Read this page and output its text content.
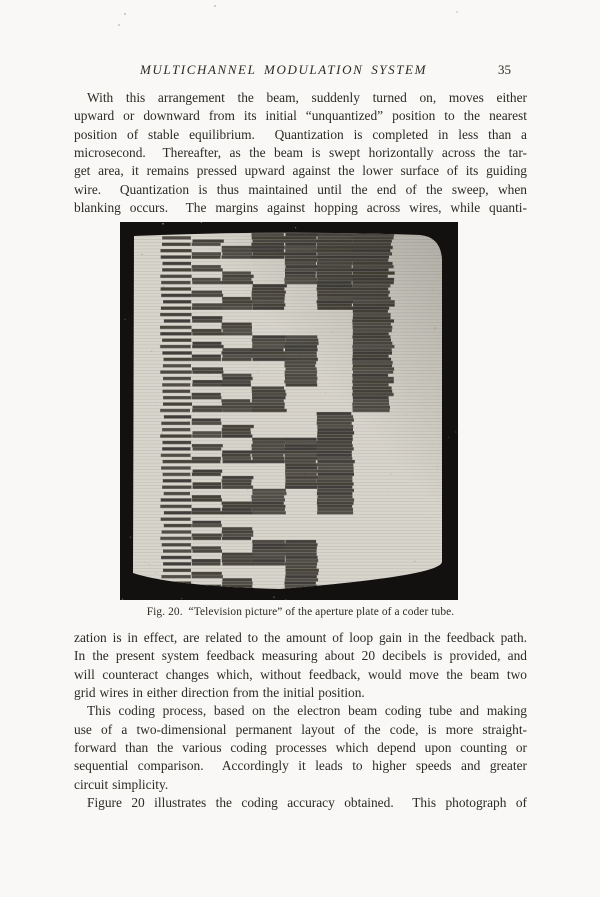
35
MULTICHANNEL MODULATION SYSTEM
With this arrangement the beam, suddenly turned on, moves either
upward or downward from its initial “unquantized” position to the nearest
position of stable equilibrium.  Quantization is completed in less than a
microsecond.  Thereafter, as the beam is swept horizontally across the tar-
get area, it remains pressed upward against the lower surface of its guiding
wire.  Quantization is thus maintained until the end of the sweep, when
blanking occurs.  The margins against hopping across wires, while quanti-
Fig. 20.  “Television picture” of the aperture plate of a coder tube.
zation is in effect, are related to the amount of loop gain in the feedback path.
In the present system feedback measuring about 20 decibels is provided, and
will counteract changes which, without feedback, would move the beam two
grid wires in either direction from the initial position.
This coding process, based on the electron beam coding tube and making
use of a two-dimensional permanent layout of the code, is more straight-
forward than the various coding processes which depend upon counting or
sequential comparison.  Accordingly it leads to higher speeds and greater
circuit simplicity.
Figure 20 illustrates the coding accuracy obtained.  This photograph of
